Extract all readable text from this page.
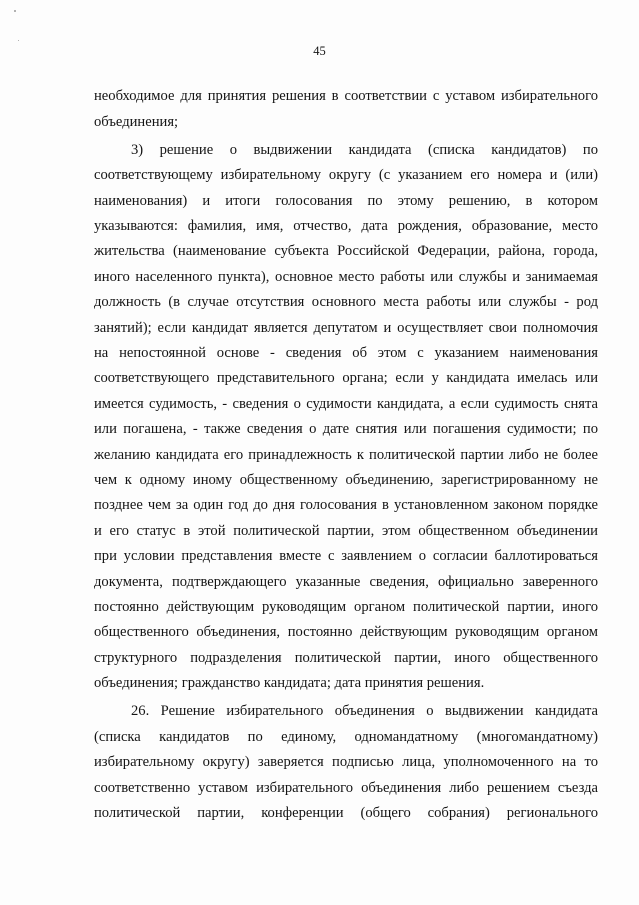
45
необходимое для принятия решения в соответствии с уставом избирательного
объединения;
3) решение о выдвижении кандидата (списка кандидатов) по
соответствующему избирательному округу (с указанием его номера и (или)
наименования) и итоги голосования по этому решению, в котором
указываются: фамилия, имя, отчество, дата рождения, образование, место
жительства (наименование субъекта Российской Федерации, района, города,
иного населенного пункта), основное место работы или службы и занимаемая
должность (в случае отсутствия основного места работы или службы - род
занятий); если кандидат является депутатом и осуществляет свои полномочия
на непостоянной основе - сведения об этом с указанием наименования
соответствующего представительного органа; если у кандидата имелась или
имеется судимость, - сведения о судимости кандидата, а если судимость снята
или погашена, - также сведения о дате снятия или погашения судимости; по
желанию кандидата его принадлежность к политической партии либо не более
чем к одному иному общественному объединению, зарегистрированному не
позднее чем за один год до дня голосования в установленном законом порядке
и его статус в этой политической партии, этом общественном объединении
при условии представления вместе с заявлением о согласии баллотироваться
документа, подтверждающего указанные сведения, официально заверенного
постоянно действующим руководящим органом политической партии, иного
общественного объединения, постоянно действующим руководящим органом
структурного подразделения политической партии, иного общественного
объединения; гражданство кандидата; дата принятия решения.
26. Решение избирательного объединения о выдвижении кандидата
(списка кандидатов по единому, одномандатному (многомандатному)
избирательному округу) заверяется подписью лица, уполномоченного на то
соответственно уставом избирательного объединения либо решением съезда
политической партии, конференции (общего собрания) регионального
